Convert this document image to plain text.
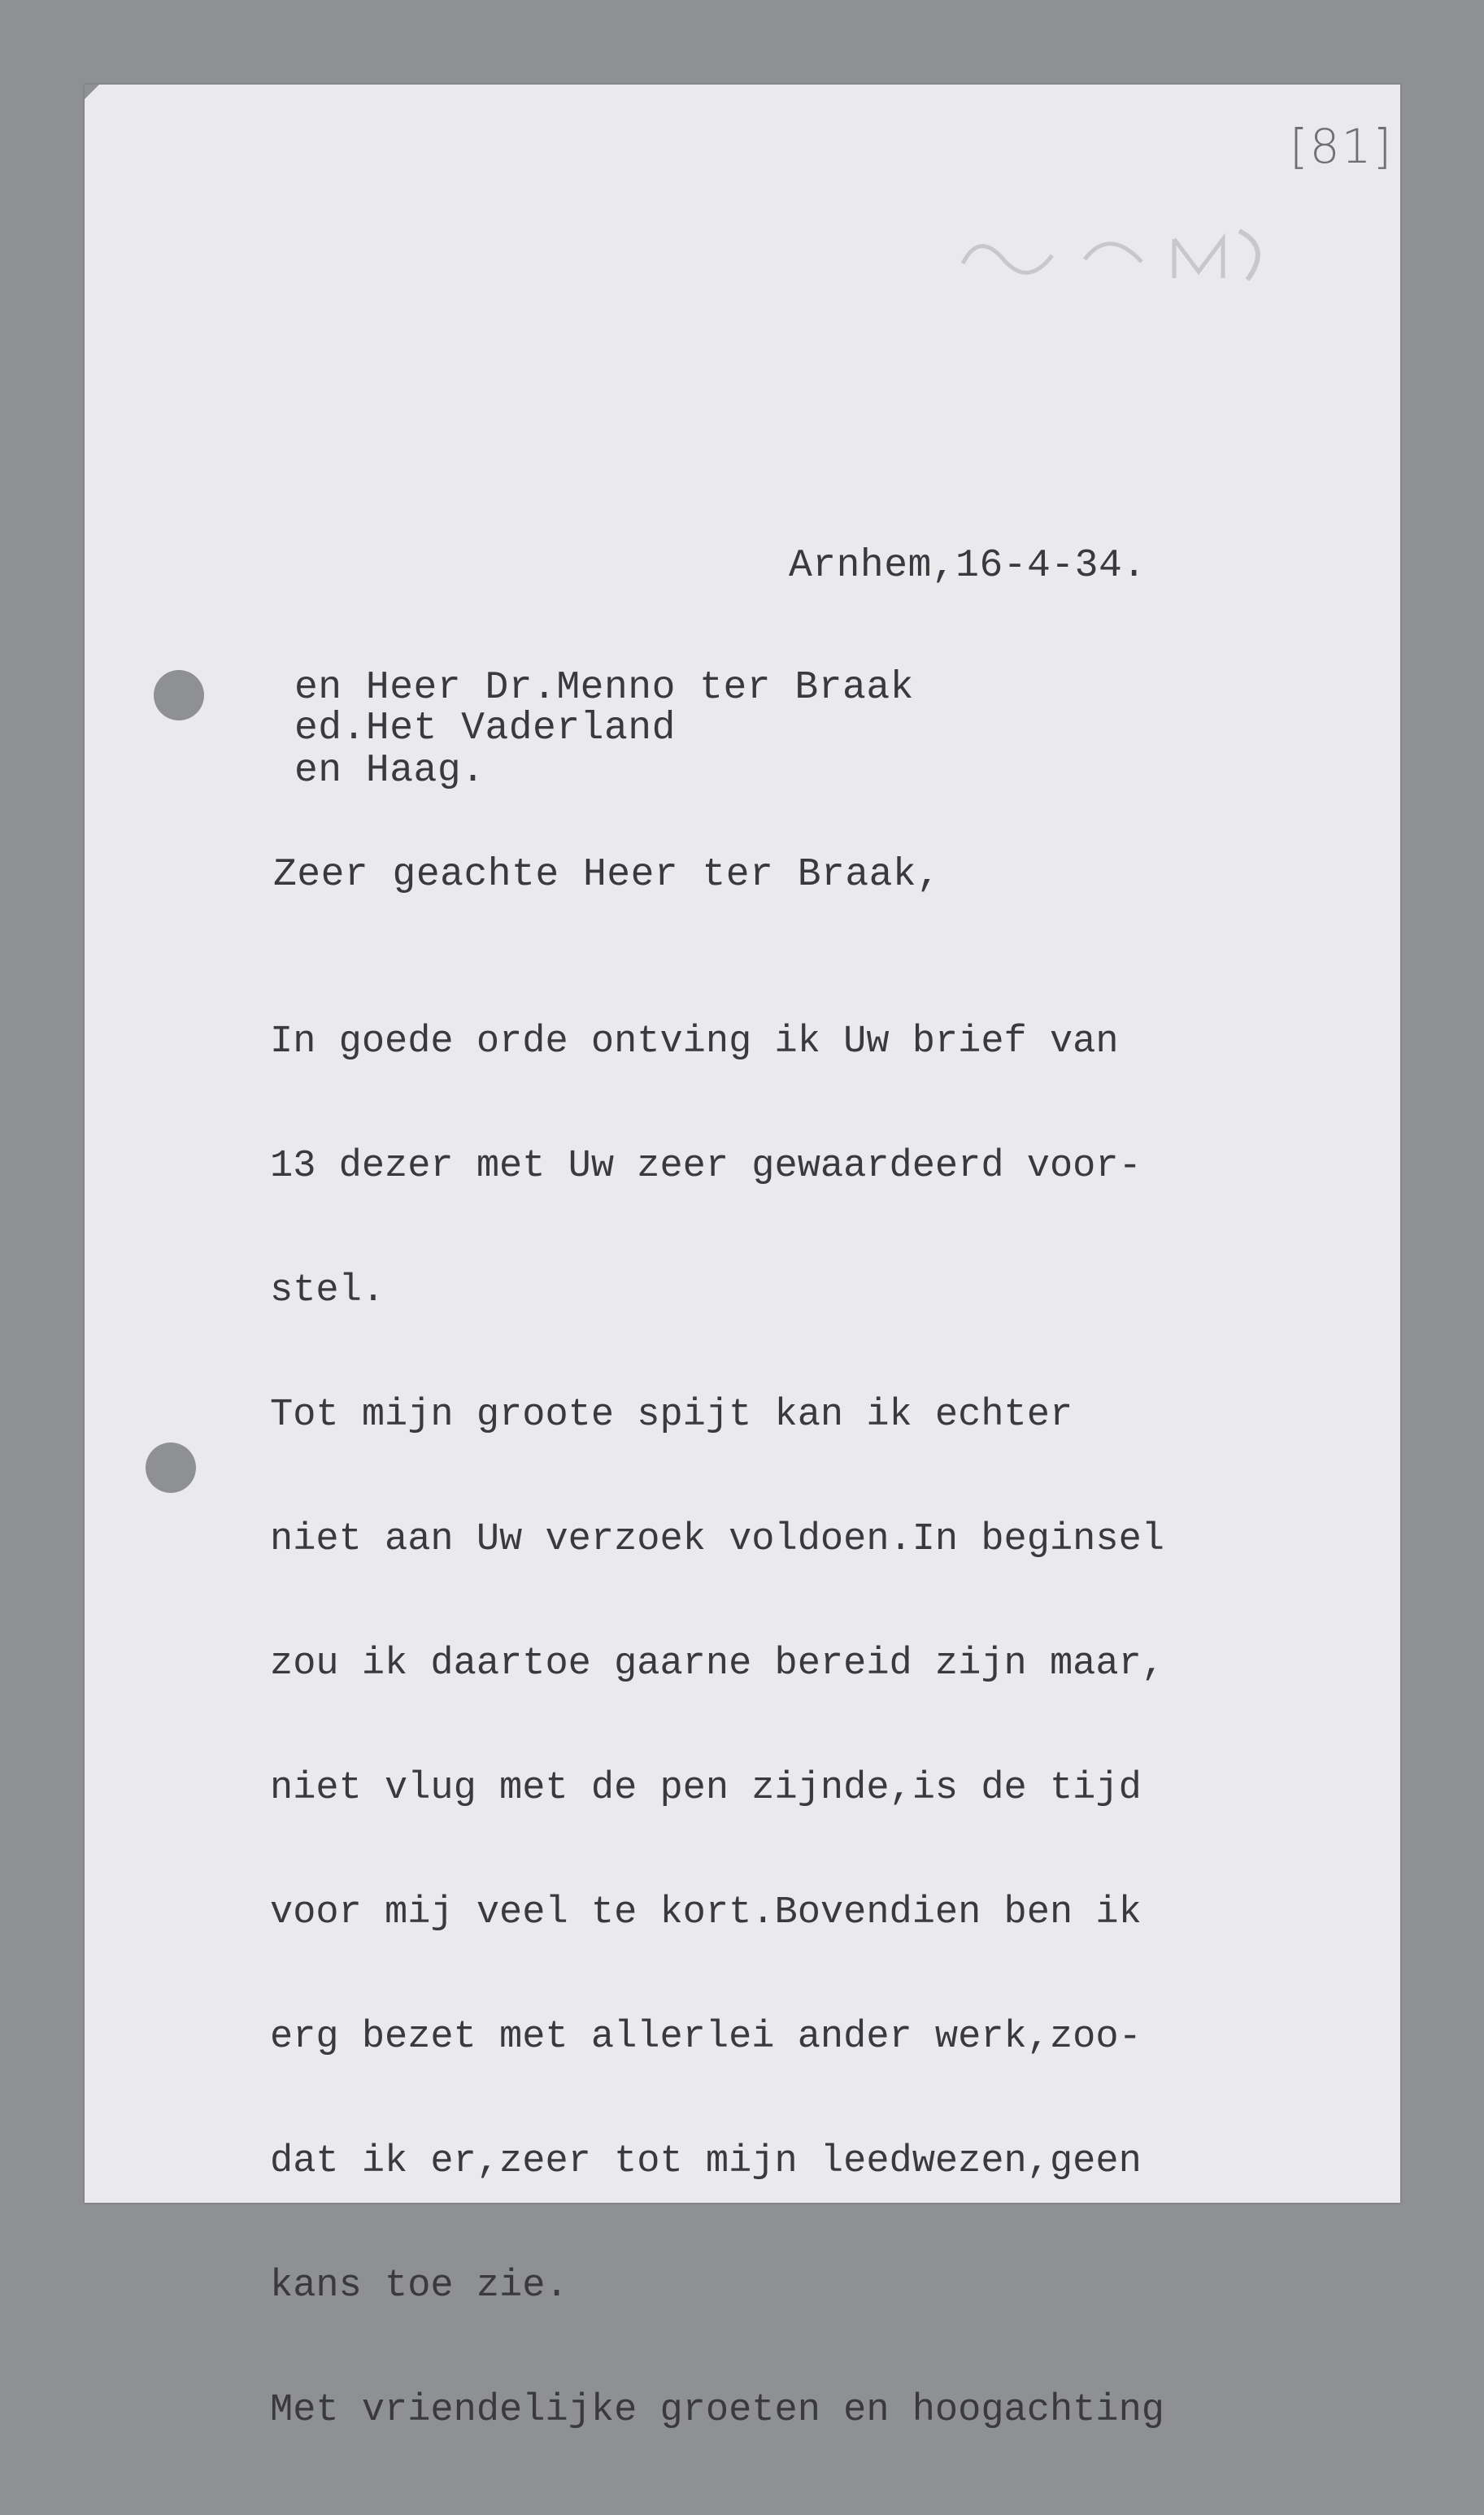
[81]
Arnhem,16-4-34.
en Heer Dr.Menno ter Braak
ed.Het Vaderland
en Haag.
Zeer geachte Heer ter Braak,

In goede orde ontving ik Uw brief van

13 dezer met Uw zeer gewaardeerd voor-

stel.

Tot mijn groote spijt kan ik echter

niet aan Uw verzoek voldoen.In beginsel

zou ik daartoe gaarne bereid zijn maar,

niet vlug met de pen zijnde,is de tijd

voor mij veel te kort.Bovendien ben ik

erg bezet met allerlei ander werk,zoo-

dat ik er,zeer tot mijn leedwezen,geen

kans toe zie.

Met vriendelijke groeten en hoogachting
